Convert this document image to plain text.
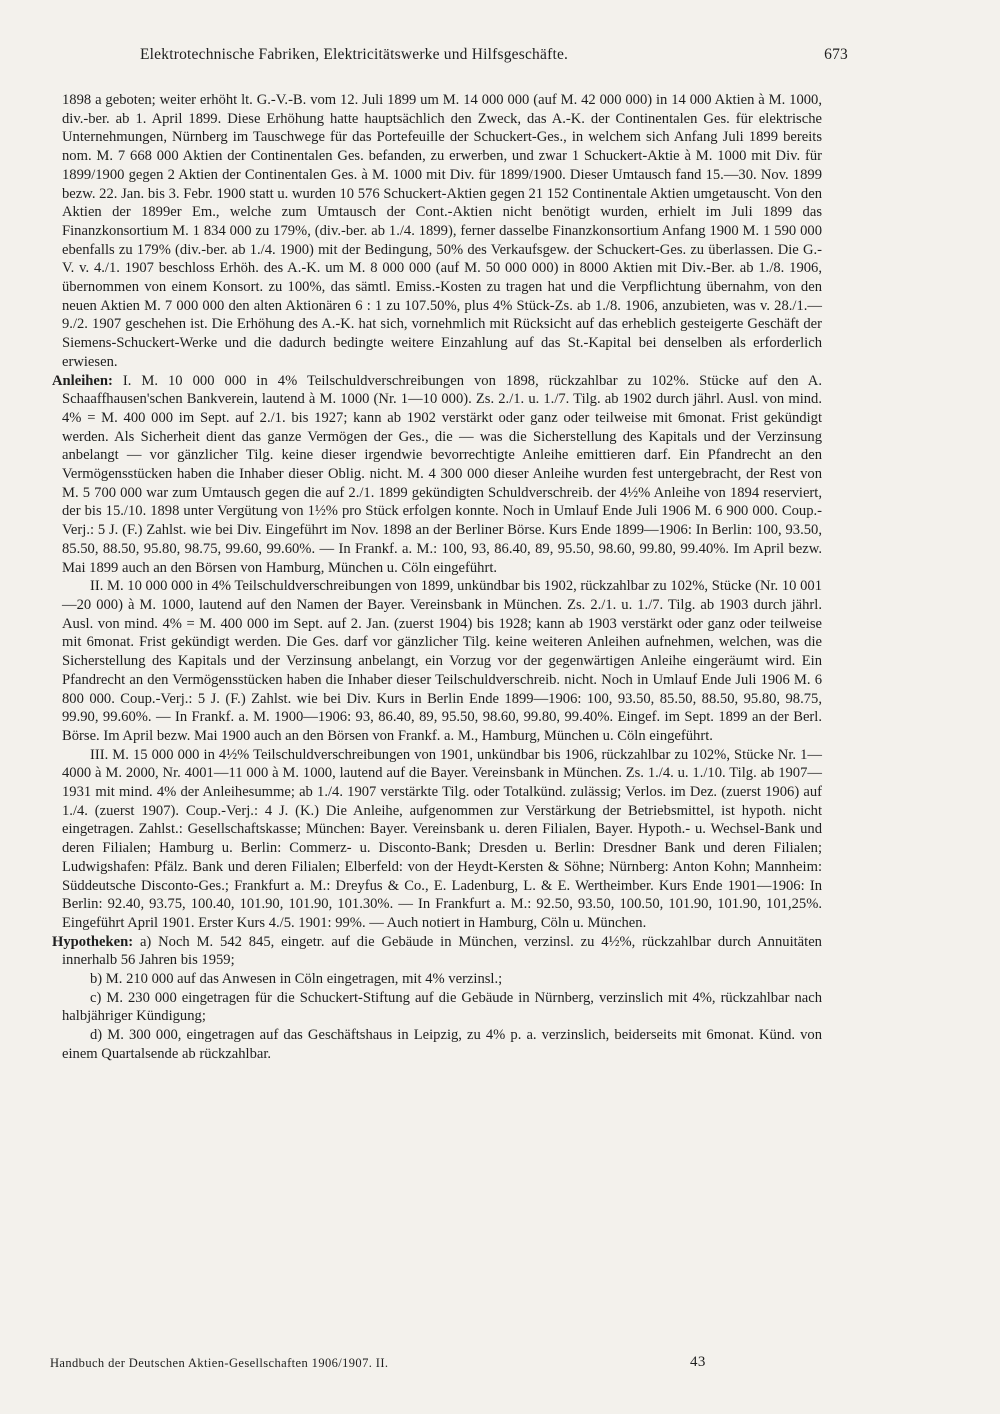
Elektrotechnische Fabriken, Elektricitätswerke und Hilfsgeschäfte.	673

1898 a geboten; weiter erhöht lt. G.-V.-B. vom 12. Juli 1899 um M. 14 000 000 (auf M. 42 000 000) in 14 000 Aktien à M. 1000, div.-ber. ab 1. April 1899. Diese Erhöhung hatte hauptsächlich den Zweck, das A.-K. der Continentalen Ges. für elektrische Unternehmungen, Nürnberg im Tauschwege für das Portefeuille der Schuckert-Ges., in welchem sich Anfang Juli 1899 bereits nom. M. 7 668 000 Aktien der Continentalen Ges. befanden, zu erwerben, und zwar 1 Schuckert-Aktie à M. 1000 mit Div. für 1899/1900 gegen 2 Aktien der Continentalen Ges. à M. 1000 mit Div. für 1899/1900. Dieser Umtausch fand 15.—30. Nov. 1899 bezw. 22. Jan. bis 3. Febr. 1900 statt u. wurden 10 576 Schuckert-Aktien gegen 21 152 Continentale Aktien umgetauscht. Von den Aktien der 1899er Em., welche zum Umtausch der Cont.-Aktien nicht benötigt wurden, erhielt im Juli 1899 das Finanzkonsortium M. 1 834 000 zu 179%, (div.-ber. ab 1./4. 1899), ferner dasselbe Finanzkonsortium Anfang 1900 M. 1 590 000 ebenfalls zu 179% (div.-ber. ab 1./4. 1900) mit der Bedingung, 50% des Verkaufsgew. der Schuckert-Ges. zu überlassen. Die G.-V. v. 4./1. 1907 beschloss Erhöh. des A.-K. um M. 8 000 000 (auf M. 50 000 000) in 8000 Aktien mit Div.-Ber. ab 1./8. 1906, übernommen von einem Konsort. zu 100%, das sämtl. Emiss.-Kosten zu tragen hat und die Verpflichtung übernahm, von den neuen Aktien M. 7 000 000 den alten Aktionären 6 : 1 zu 107.50%, plus 4% Stück-Zs. ab 1./8. 1906, anzubieten, was v. 28./1.—9./2. 1907 geschehen ist. Die Erhöhung des A.-K. hat sich, vornehmlich mit Rücksicht auf das erheblich gesteigerte Geschäft der Siemens-Schuckert-Werke und die dadurch bedingte weitere Einzahlung auf das St.-Kapital bei denselben als erforderlich erwiesen.

Anleihen: I. M. 10 000 000 in 4% Teilschuldverschreibungen von 1898, rückzahlbar zu 102%. Stücke auf den A. Schaaffhausen'schen Bankverein, lautend à M. 1000 (Nr. 1—10 000). Zs. 2./1. u. 1./7. Tilg. ab 1902 durch jährl. Ausl. von mind. 4% = M. 400 000 im Sept. auf 2./1. bis 1927; kann ab 1902 verstärkt oder ganz oder teilweise mit 6monat. Frist gekündigt werden. Als Sicherheit dient das ganze Vermögen der Ges., die — was die Sicherstellung des Kapitals und der Verzinsung anbelangt — vor gänzlicher Tilg. keine dieser irgendwie bevorrechtigte Anleihe emittieren darf. Ein Pfandrecht an den Vermögensstücken haben die Inhaber dieser Oblig. nicht. M. 4 300 000 dieser Anleihe wurden fest untergebracht, der Rest von M. 5 700 000 war zum Umtausch gegen die auf 2./1. 1899 gekündigten Schuldverschreib. der 4½% Anleihe von 1894 reserviert, der bis 15./10. 1898 unter Vergütung von 1½% pro Stück erfolgen konnte. Noch in Umlauf Ende Juli 1906 M. 6 900 000. Coup.-Verj.: 5 J. (F.) Zahlst. wie bei Div. Eingeführt im Nov. 1898 an der Berliner Börse. Kurs Ende 1899—1906: In Berlin: 100, 93.50, 85.50, 88.50, 95.80, 98.75, 99.60, 99.60%. — In Frankf. a. M.: 100, 93, 86.40, 89, 95.50, 98.60, 99.80, 99.40%. Im April bezw. Mai 1899 auch an den Börsen von Hamburg, München u. Cöln eingeführt.

II. M. 10 000 000 in 4% Teilschuldverschreibungen von 1899, unkündbar bis 1902, rückzahlbar zu 102%, Stücke (Nr. 10 001—20 000) à M. 1000, lautend auf den Namen der Bayer. Vereinsbank in München. Zs. 2./1. u. 1./7. Tilg. ab 1903 durch jährl. Ausl. von mind. 4% = M. 400 000 im Sept. auf 2. Jan. (zuerst 1904) bis 1928; kann ab 1903 verstärkt oder ganz oder teilweise mit 6monat. Frist gekündigt werden. Die Ges. darf vor gänzlicher Tilg. keine weiteren Anleihen aufnehmen, welchen, was die Sicherstellung des Kapitals und der Verzinsung anbelangt, ein Vorzug vor der gegenwärtigen Anleihe eingeräumt wird. Ein Pfandrecht an den Vermögensstücken haben die Inhaber dieser Teilschuldverschreib. nicht. Noch in Umlauf Ende Juli 1906 M. 6 800 000. Coup.-Verj.: 5 J. (F.) Zahlst. wie bei Div. Kurs in Berlin Ende 1899—1906: 100, 93.50, 85.50, 88.50, 95.80, 98.75, 99.90, 99.60%. — In Frankf. a. M. 1900—1906: 93, 86.40, 89, 95.50, 98.60, 99.80, 99.40%. Eingef. im Sept. 1899 an der Berl. Börse. Im April bezw. Mai 1900 auch an den Börsen von Frankf. a. M., Hamburg, München u. Cöln eingeführt.

III. M. 15 000 000 in 4½% Teilschuldverschreibungen von 1901, unkündbar bis 1906, rückzahlbar zu 102%, Stücke Nr. 1—4000 à M. 2000, Nr. 4001—11 000 à M. 1000, lautend auf die Bayer. Vereinsbank in München. Zs. 1./4. u. 1./10. Tilg. ab 1907—1931 mit mind. 4% der Anleihesumme; ab 1./4. 1907 verstärkte Tilg. oder Totalkünd. zulässig; Verlos. im Dez. (zuerst 1906) auf 1./4. (zuerst 1907). Coup.-Verj.: 4 J. (K.) Die Anleihe, aufgenommen zur Verstärkung der Betriebsmittel, ist hypoth. nicht eingetragen. Zahlst.: Gesellschaftskasse; München: Bayer. Vereinsbank u. deren Filialen, Bayer. Hypoth.- u. Wechsel-Bank und deren Filialen; Hamburg u. Berlin: Commerz- u. Disconto-Bank; Dresden u. Berlin: Dresdner Bank und deren Filialen; Ludwigshafen: Pfälz. Bank und deren Filialen; Elberfeld: von der Heydt-Kersten & Söhne; Nürnberg: Anton Kohn; Mannheim: Süddeutsche Disconto-Ges.; Frankfurt a. M.: Dreyfus & Co., E. Ladenburg, L. & E. Wertheimber. Kurs Ende 1901—1906: In Berlin: 92.40, 93.75, 100.40, 101.90, 101.90, 101.30%. — In Frankfurt a. M.: 92.50, 93.50, 100.50, 101.90, 101.90, 101,25%. Eingeführt April 1901. Erster Kurs 4./5. 1901: 99%. — Auch notiert in Hamburg, Cöln u. München.

Hypotheken: a) Noch M. 542 845, eingetr. auf die Gebäude in München, verzinsl. zu 4½%, rückzahlbar durch Annuitäten innerhalb 56 Jahren bis 1959;

b) M. 210 000 auf das Anwesen in Cöln eingetragen, mit 4% verzinsl.;

c) M. 230 000 eingetragen für die Schuckert-Stiftung auf die Gebäude in Nürnberg, verzinslich mit 4%, rückzahlbar nach halbjähriger Kündigung;

d) M. 300 000, eingetragen auf das Geschäftshaus in Leipzig, zu 4% p. a. verzinslich, beiderseits mit 6monat. Künd. von einem Quartalsende ab rückzahlbar.

Handbuch der Deutschen Aktien-Gesellschaften 1906/1907. II.	43
